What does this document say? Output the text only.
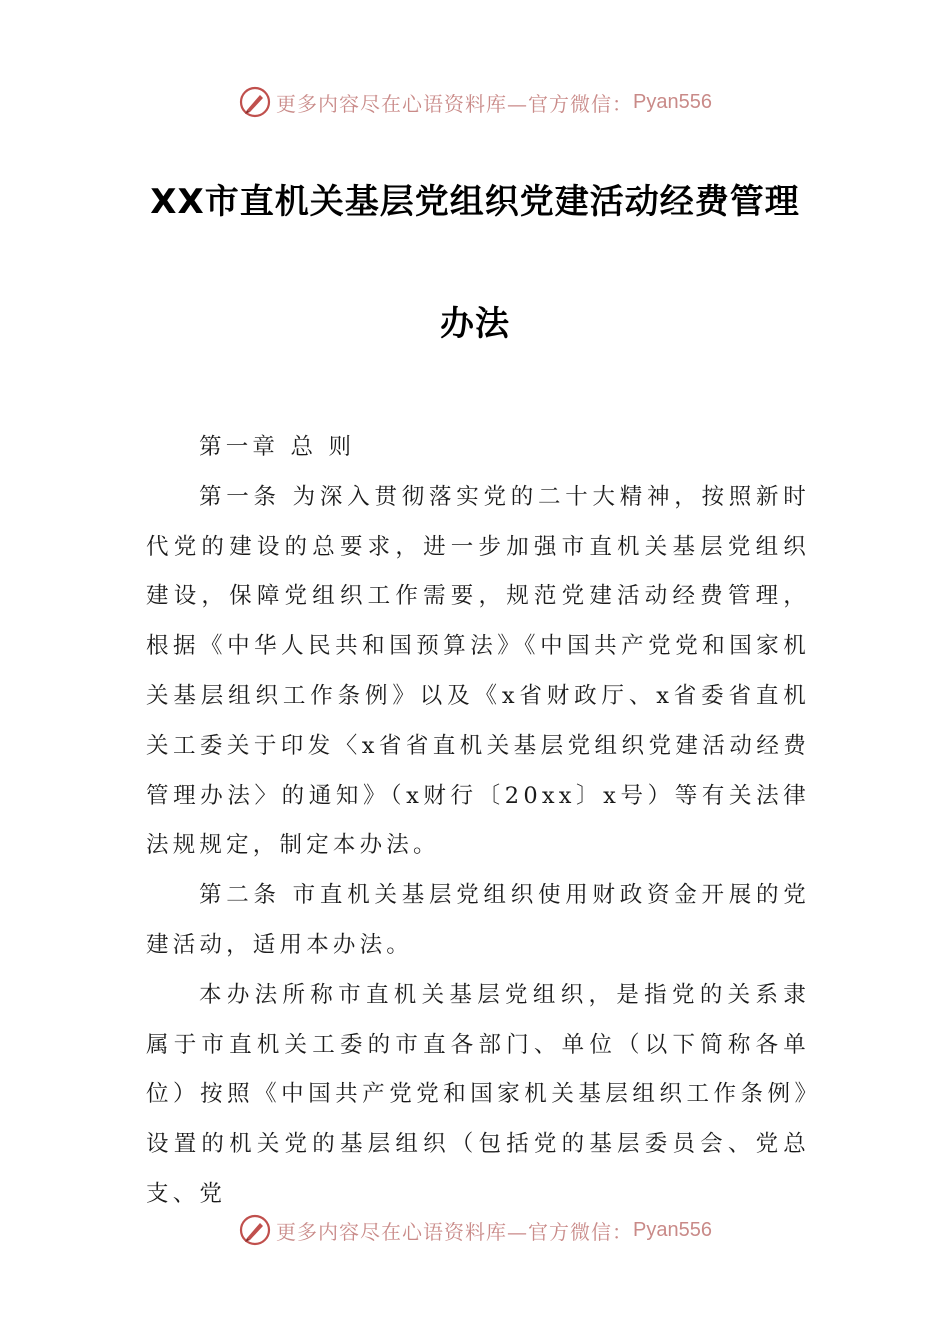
更多内容尽在心语资料库—官方微信： Pyan556
XX市直机关基层党组织党建活动经费管理
办法

第一章 总 则

第一条 为深入贯彻落实党的二十大精神，按照新时代党的建设的总要求，进一步加强市直机关基层党组织建设，保障党组织工作需要，规范党建活动经费管理，根据《中华人民共和国预算法》《中国共产党党和国家机关基层组织工作条例》以及《x省财政厅、x省委省直机关工委关于印发〈x省省直机关基层党组织党建活动经费管理办法〉的通知》（x财行〔20xx〕x号）等有关法律法规规定，制定本办法。

第二条 市直机关基层党组织使用财政资金开展的党建活动，适用本办法。

本办法所称市直机关基层党组织，是指党的关系隶属于市直机关工委的市直各部门、单位（以下简称各单位）按照《中国共产党党和国家机关基层组织工作条例》设置的机关党的基层组织（包括党的基层委员会、党总支、党

更多内容尽在心语资料库—官方微信： Pyan556
